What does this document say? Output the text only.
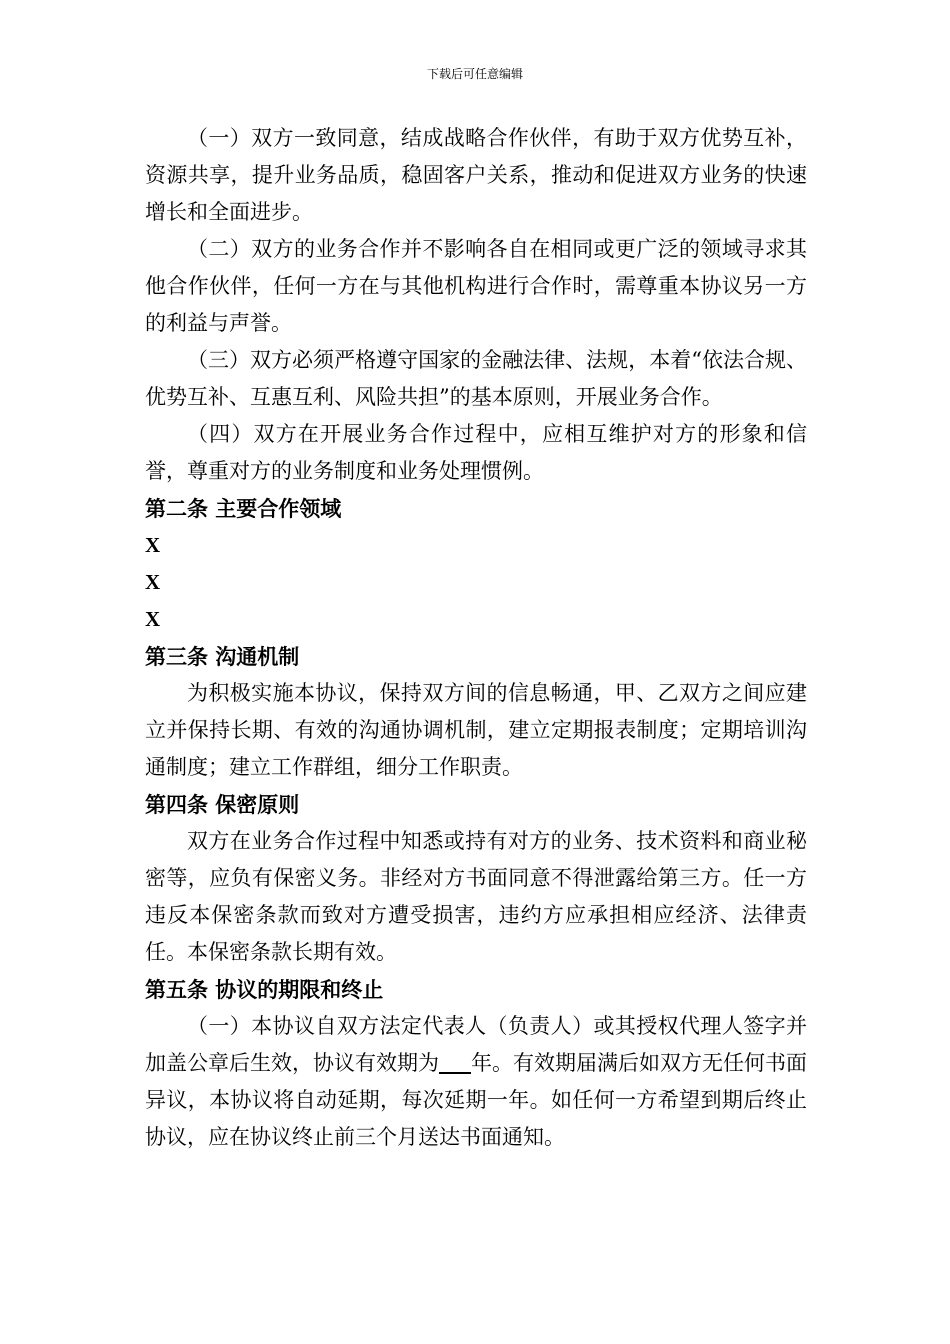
下载后可任意编辑

（一）双方一致同意，结成战略合作伙伴，有助于双方优势互补，资源共享，提升业务品质，稳固客户关系，推动和促进双方业务的快速增长和全面进步。

（二）双方的业务合作并不影响各自在相同或更广泛的领域寻求其他合作伙伴，任何一方在与其他机构进行合作时，需尊重本协议另一方的利益与声誉。

（三）双方必须严格遵守国家的金融法律、法规，本着“依法合规、优势互补、互惠互利、风险共担”的基本原则，开展业务合作。

（四）双方在开展业务合作过程中，应相互维护对方的形象和信誉，尊重对方的业务制度和业务处理惯例。

第二条 主要合作领域

X

X

X

第三条 沟通机制

为积极实施本协议，保持双方间的信息畅通，甲、乙双方之间应建立并保持长期、有效的沟通协调机制，建立定期报表制度；定期培训沟通制度；建立工作群组，细分工作职责。

第四条 保密原则

双方在业务合作过程中知悉或持有对方的业务、技术资料和商业秘密等，应负有保密义务。非经对方书面同意不得泄露给第三方。任一方违反本保密条款而致对方遭受损害，违约方应承担相应经济、法律责任。本保密条款长期有效。

第五条 协议的期限和终止

（一）本协议自双方法定代表人（负责人）或其授权代理人签字并加盖公章后生效，协议有效期为 年。有效期届满后如双方无任何书面异议，本协议将自动延期，每次延期一年。如任何一方希望到期后终止协议，应在协议终止前三个月送达书面通知。
